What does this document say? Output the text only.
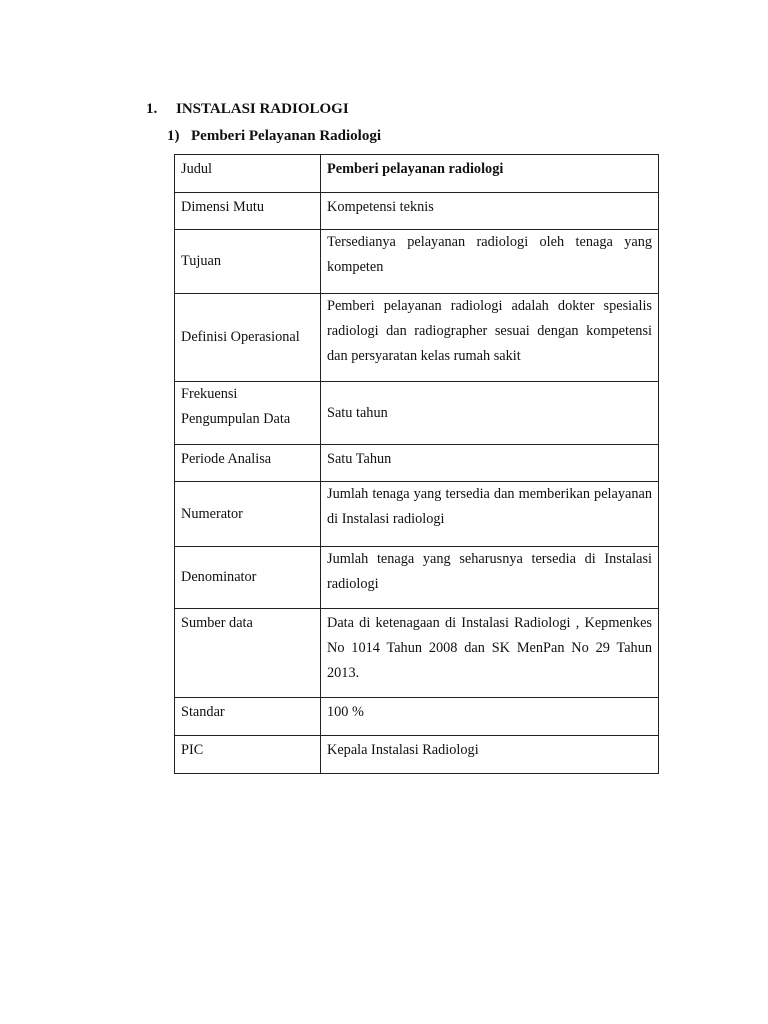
1. INSTALASI RADIOLOGI
1) Pemberi Pelayanan Radiologi
Judul	Pemberi pelayanan radiologi
Dimensi Mutu	Kompetensi teknis
Tujuan	Tersedianya pelayanan radiologi oleh tenaga yang kompeten
Definisi Operasional	Pemberi pelayanan radiologi adalah dokter spesialis radiologi dan radiographer sesuai dengan kompetensi dan persyaratan kelas rumah sakit
Frekuensi Pengumpulan Data	Satu tahun
Periode Analisa	Satu Tahun
Numerator	Jumlah tenaga yang tersedia dan memberikan pelayanan di Instalasi radiologi
Denominator	Jumlah tenaga yang seharusnya tersedia di Instalasi radiologi
Sumber data	Data di ketenagaan di Instalasi Radiologi , Kepmenkes No 1014 Tahun 2008 dan SK MenPan No 29 Tahun 2013.
Standar	100 %
PIC	Kepala Instalasi Radiologi
